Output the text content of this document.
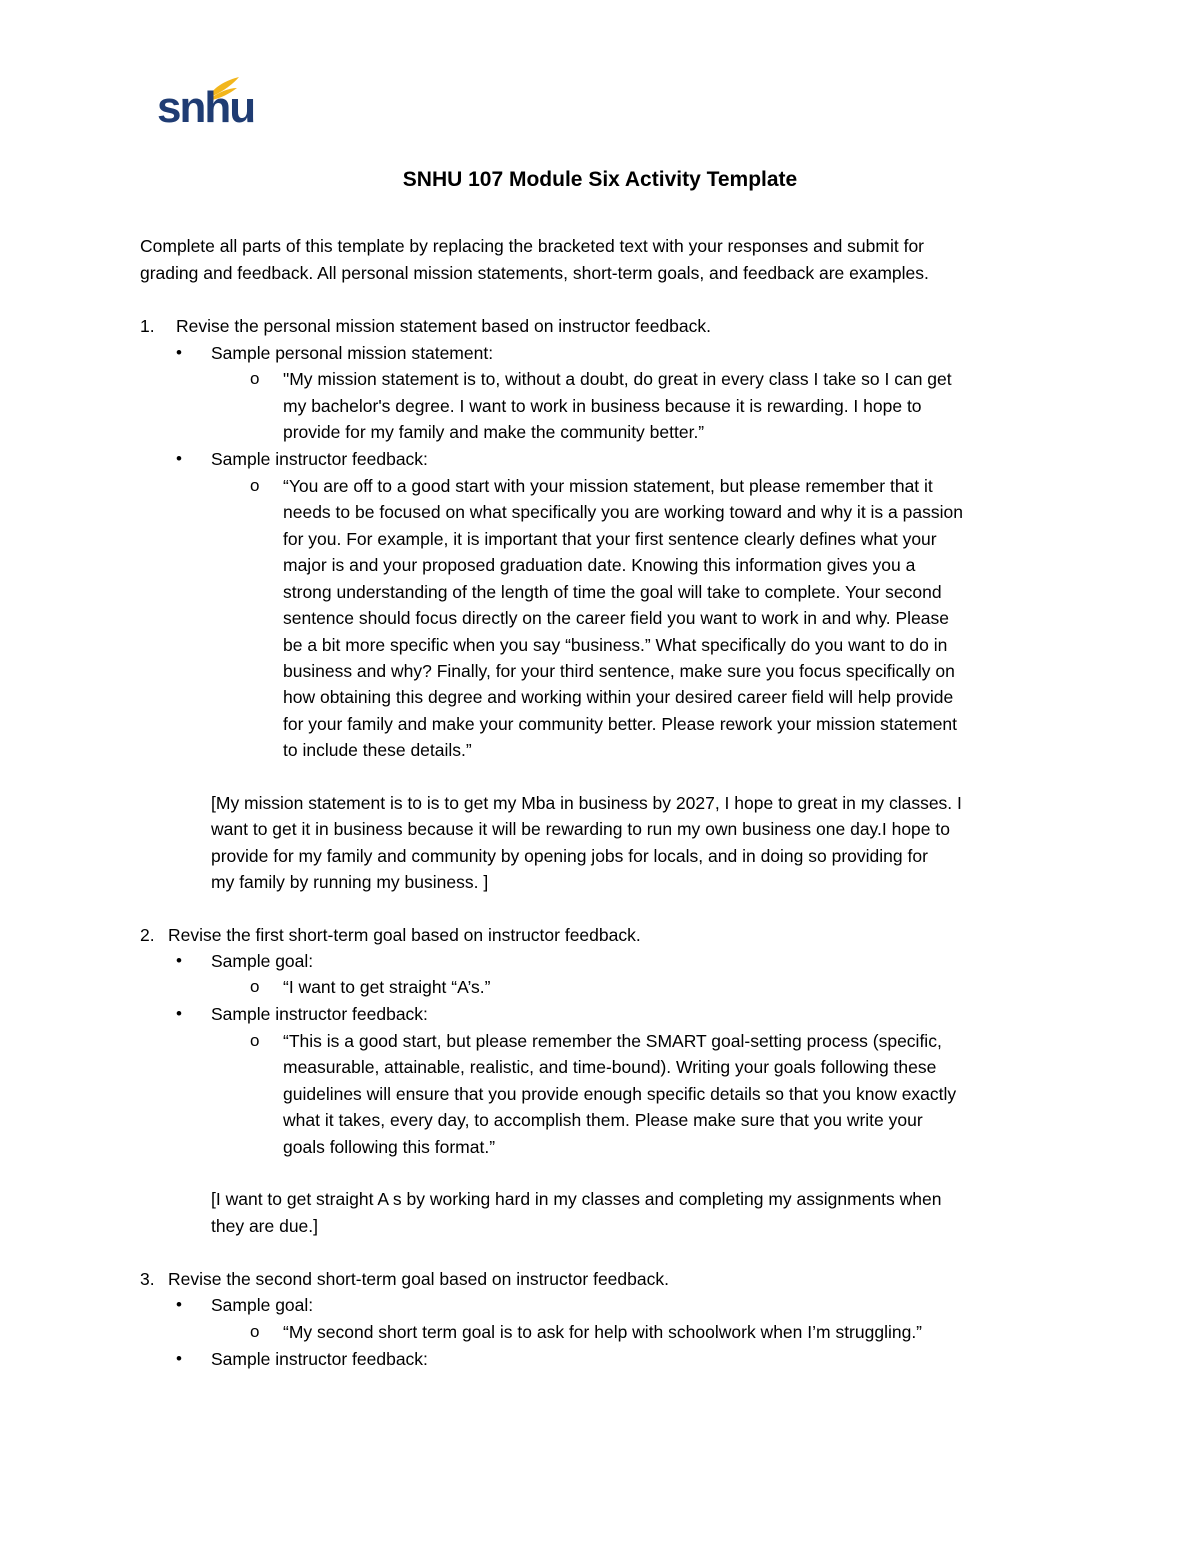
snhu
SNHU 107 Module Six Activity Template
Complete all parts of this template by replacing the bracketed text with your responses and submit for
grading and feedback. All personal mission statements, short-term goals, and feedback are examples.
1. Revise the personal mission statement based on instructor feedback.
• Sample personal mission statement:
o "My mission statement is to, without a doubt, do great in every class I take so I can get
my bachelor's degree. I want to work in business because it is rewarding. I hope to
provide for my family and make the community better.”
• Sample instructor feedback:
o “You are off to a good start with your mission statement, but please remember that it
needs to be focused on what specifically you are working toward and why it is a passion
for you. For example, it is important that your first sentence clearly defines what your
major is and your proposed graduation date. Knowing this information gives you a
strong understanding of the length of time the goal will take to complete. Your second
sentence should focus directly on the career field you want to work in and why. Please
be a bit more specific when you say “business.” What specifically do you want to do in
business and why? Finally, for your third sentence, make sure you focus specifically on
how obtaining this degree and working within your desired career field will help provide
for your family and make your community better. Please rework your mission statement
to include these details.”
[My mission statement is to is to get my Mba in business by 2027, I hope to great in my classes. I
want to get it in business because it will be rewarding to run my own business one day.I hope to
provide for my family and community by opening jobs for locals, and in doing so providing for
my family by running my business. ]
2. Revise the first short-term goal based on instructor feedback.
• Sample goal:
o “I want to get straight “A’s.”
• Sample instructor feedback:
o “This is a good start, but please remember the SMART goal-setting process (specific,
measurable, attainable, realistic, and time-bound). Writing your goals following these
guidelines will ensure that you provide enough specific details so that you know exactly
what it takes, every day, to accomplish them. Please make sure that you write your
goals following this format.”
[I want to get straight A s by working hard in my classes and completing my assignments when
they are due.]
3. Revise the second short-term goal based on instructor feedback.
• Sample goal:
o “My second short term goal is to ask for help with schoolwork when I’m struggling.”
• Sample instructor feedback:
